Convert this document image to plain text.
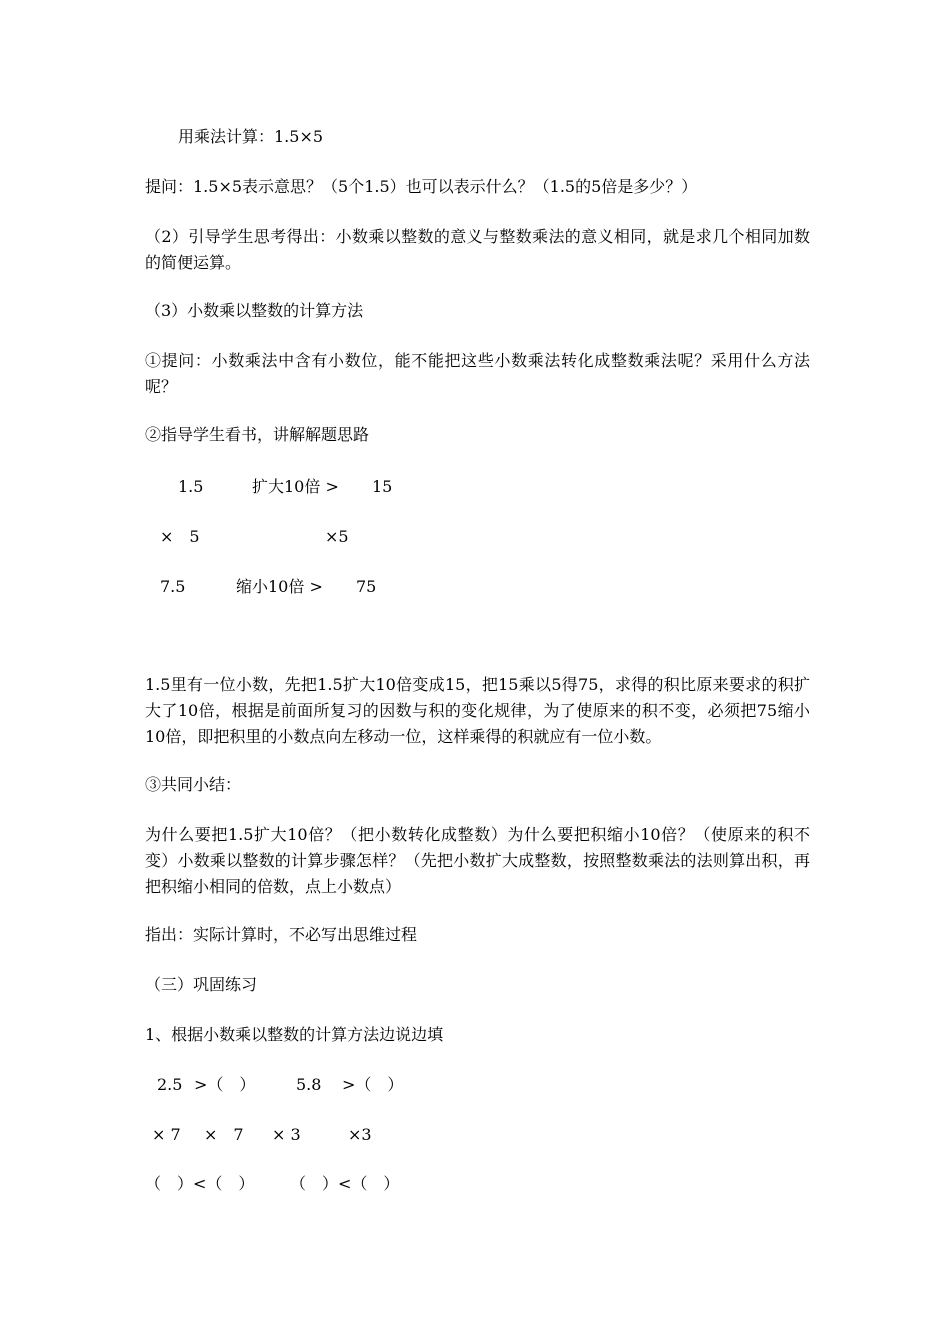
用乘法计算：1.5×5
提问：1.5×5表示意思？（5个1.5）也可以表示什么？（1.5的5倍是多少？）
（2）引导学生思考得出：小数乘以整数的意义与整数乘法的意义相同，就是求几个相同加数的简便运算。
（3）小数乘以整数的计算方法
①提问：小数乘法中含有小数位，能不能把这些小数乘法转化成整数乘法呢？采用什么方法呢？
②指导学生看书，讲解解题思路
1.5	扩大10倍 > 15
×　5	×5
7.5	缩小10倍 > 75
1.5里有一位小数，先把1.5扩大10倍变成15，把15乘以5得75，求得的积比原来要求的积扩大了10倍，根据是前面所复习的因数与积的变化规律，为了使原来的积不变，必须把75缩小10倍，即把积里的小数点向左移动一位，这样乘得的积就应有一位小数。
③共同小结：
为什么要把1.5扩大10倍？（把小数转化成整数）为什么要把积缩小10倍？（使原来的积不变）小数乘以整数的计算步骤怎样？（先把小数扩大成整数，按照整数乘法的法则算出积，再把积缩小相同的倍数，点上小数点）
指出：实际计算时，不必写出思维过程
（三）巩固练习
1、根据小数乘以整数的计算方法边说边填
2.5 >（　）	5.8 >（　）
× 7 ×　7 × 3	×3
（　）<（　） （　）<（　）
